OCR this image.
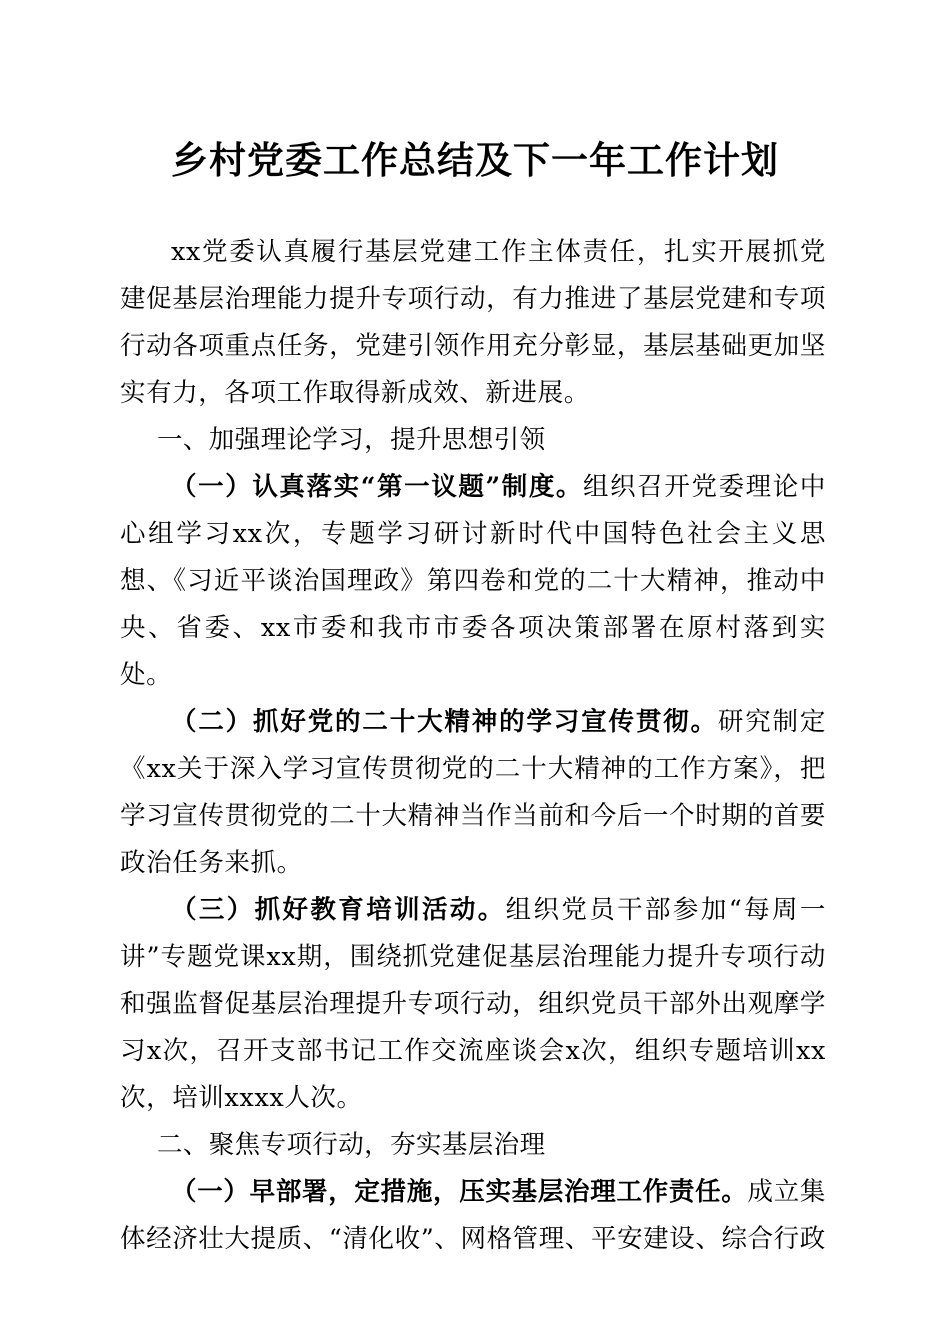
乡村党委工作总结及下一年工作计划

xx党委认真履行基层党建工作主体责任，扎实开展抓党建促基层治理能力提升专项行动，有力推进了基层党建和专项行动各项重点任务，党建引领作用充分彰显，基层基础更加坚实有力，各项工作取得新成效、新进展。

一、加强理论学习，提升思想引领

（一）认真落实“第一议题”制度。组织召开党委理论中心组学习xx次，专题学习研讨新时代中国特色社会主义思想、《习近平谈治国理政》第四卷和党的二十大精神，推动中央、省委、xx市委和我市市委各项决策部署在原村落到实处。

（二）抓好党的二十大精神的学习宣传贯彻。研究制定《xx关于深入学习宣传贯彻党的二十大精神的工作方案》，把学习宣传贯彻党的二十大精神当作当前和今后一个时期的首要政治任务来抓。

（三）抓好教育培训活动。组织党员干部参加“每周一讲”专题党课xx期，围绕抓党建促基层治理能力提升专项行动和强监督促基层治理提升专项行动，组织党员干部外出观摩学习x次，召开支部书记工作交流座谈会x次，组织专题培训xx次，培训xxxx人次。

二、聚焦专项行动，夯实基层治理

（一）早部署，定措施，压实基层治理工作责任。成立集体经济壮大提质、“清化收”、网格管理、平安建设、综合行政
